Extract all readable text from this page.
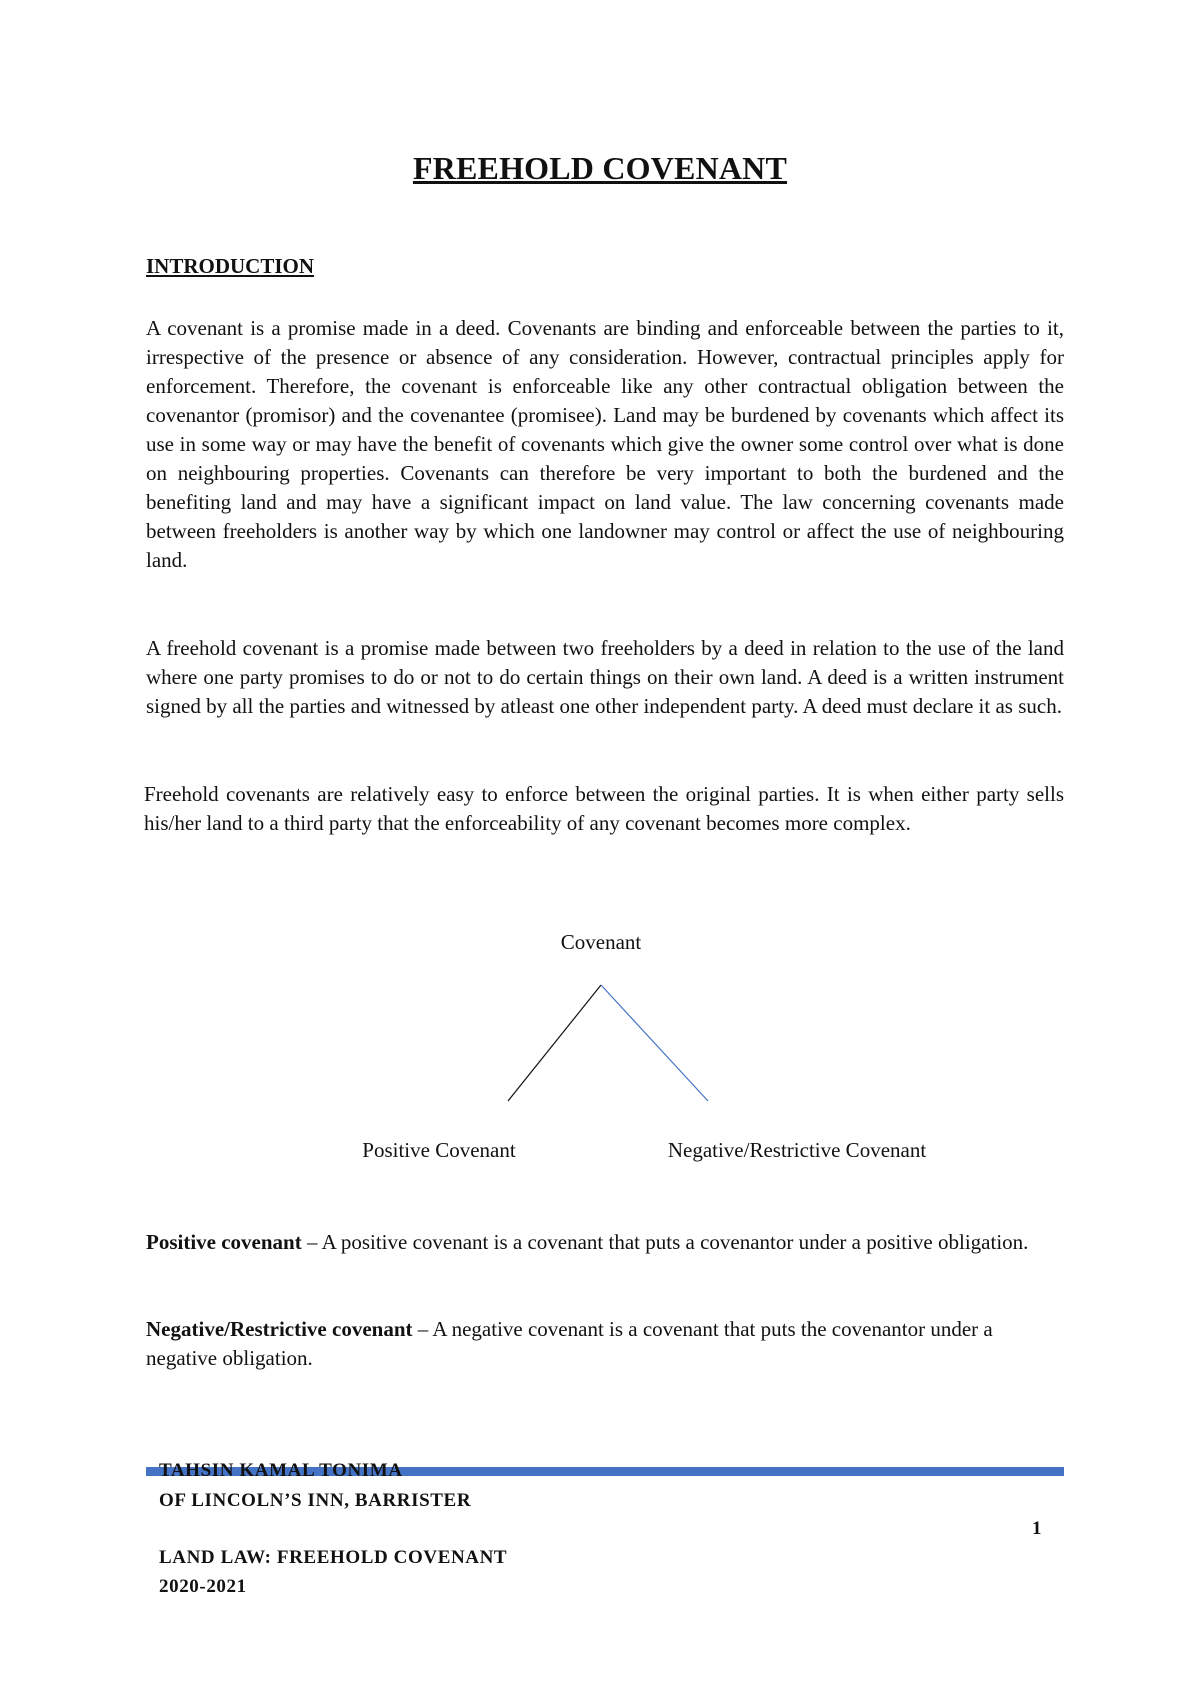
FREEHOLD COVENANT
INTRODUCTION

A covenant is a promise made in a deed. Covenants are binding and enforceable between the parties to it, irrespective of the presence or absence of any consideration. However, contractual principles apply for enforcement. Therefore, the covenant is enforceable like any other contractual obligation between the covenantor (promisor) and the covenantee (promisee). Land may be burdened by covenants which affect its use in some way or may have the benefit of covenants which give the owner some control over what is done on neighbouring properties. Covenants can therefore be very important to both the burdened and the benefiting land and may have a significant impact on land value. The law concerning covenants made between freeholders is another way by which one landowner may control or affect the use of neighbouring land.

A freehold covenant is a promise made between two freeholders by a deed in relation to the use of the land where one party promises to do or not to do certain things on their own land. A deed is a written instrument signed by all the parties and witnessed by atleast one other independent party. A deed must declare it as such.

Freehold covenants are relatively easy to enforce between the original parties. It is when either party sells his/her land to a third party that the enforceability of any covenant becomes more complex.

Covenant
Positive Covenant	Negative/Restrictive Covenant

Positive covenant – A positive covenant is a covenant that puts a covenantor under a positive obligation.

Negative/Restrictive covenant – A negative covenant is a covenant that puts the covenantor under a negative obligation.

TAHSIN KAMAL TONIMA
OF LINCOLN’S INN, BARRISTER
1
LAND LAW: FREEHOLD COVENANT
2020-2021
